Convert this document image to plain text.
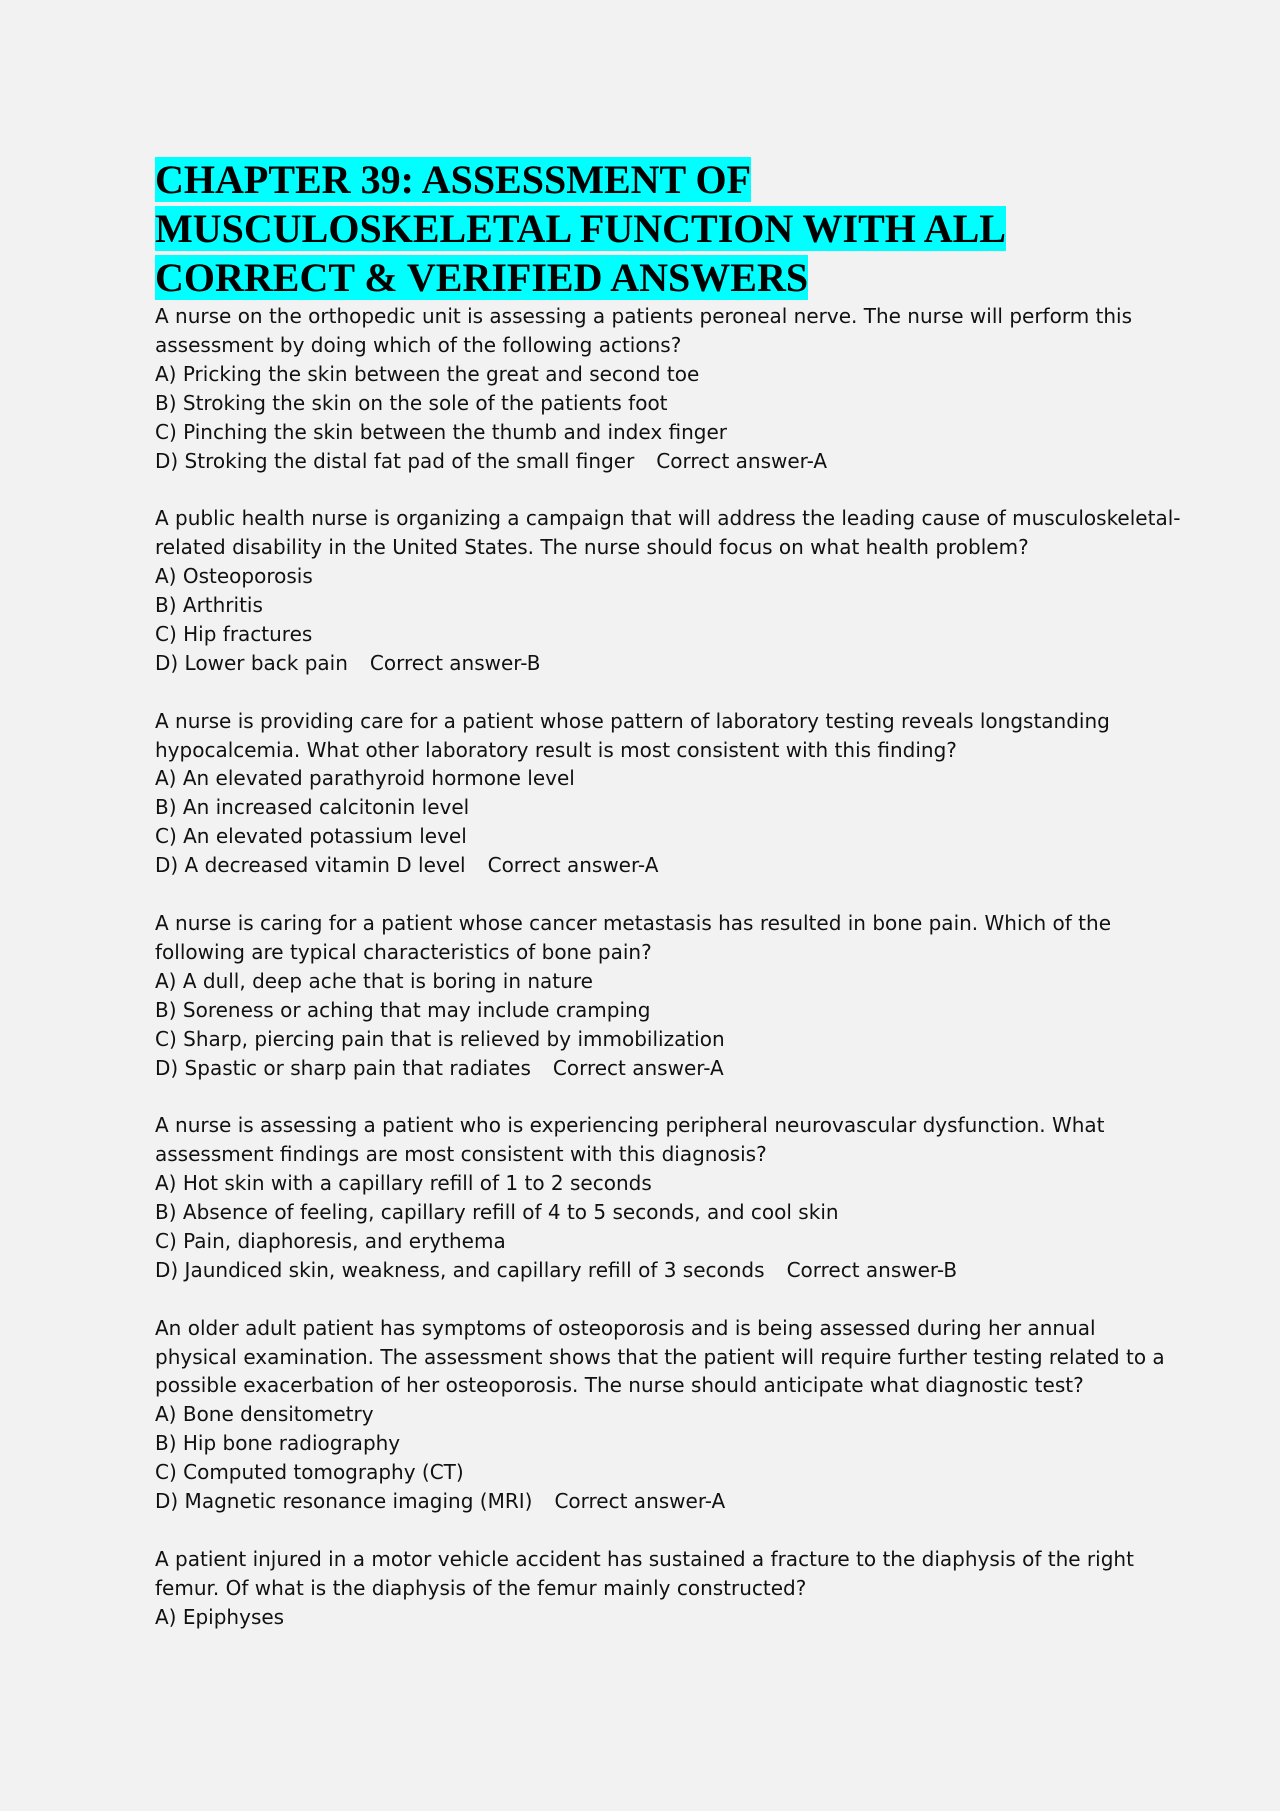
CHAPTER 39: ASSESSMENT OF
MUSCULOSKELETAL FUNCTION WITH ALL
CORRECT & VERIFIED ANSWERS
A nurse on the orthopedic unit is assessing a patients peroneal nerve. The nurse will perform this
assessment by doing which of the following actions?
A) Pricking the skin between the great and second toe
B) Stroking the skin on the sole of the patients foot
C) Pinching the skin between the thumb and index finger
D) Stroking the distal fat pad of the small finger Correct answer-A
A public health nurse is organizing a campaign that will address the leading cause of musculoskeletal-
related disability in the United States. The nurse should focus on what health problem?
A) Osteoporosis
B) Arthritis
C) Hip fractures
D) Lower back pain Correct answer-B
A nurse is providing care for a patient whose pattern of laboratory testing reveals longstanding
hypocalcemia. What other laboratory result is most consistent with this finding?
A) An elevated parathyroid hormone level
B) An increased calcitonin level
C) An elevated potassium level
D) A decreased vitamin D level Correct answer-A
A nurse is caring for a patient whose cancer metastasis has resulted in bone pain. Which of the
following are typical characteristics of bone pain?
A) A dull, deep ache that is boring in nature
B) Soreness or aching that may include cramping
C) Sharp, piercing pain that is relieved by immobilization
D) Spastic or sharp pain that radiates Correct answer-A
A nurse is assessing a patient who is experiencing peripheral neurovascular dysfunction. What
assessment findings are most consistent with this diagnosis?
A) Hot skin with a capillary refill of 1 to 2 seconds
B) Absence of feeling, capillary refill of 4 to 5 seconds, and cool skin
C) Pain, diaphoresis, and erythema
D) Jaundiced skin, weakness, and capillary refill of 3 seconds Correct answer-B
An older adult patient has symptoms of osteoporosis and is being assessed during her annual
physical examination. The assessment shows that the patient will require further testing related to a
possible exacerbation of her osteoporosis. The nurse should anticipate what diagnostic test?
A) Bone densitometry
B) Hip bone radiography
C) Computed tomography (CT)
D) Magnetic resonance imaging (MRI) Correct answer-A
A patient injured in a motor vehicle accident has sustained a fracture to the diaphysis of the right
femur. Of what is the diaphysis of the femur mainly constructed?
A) Epiphyses
